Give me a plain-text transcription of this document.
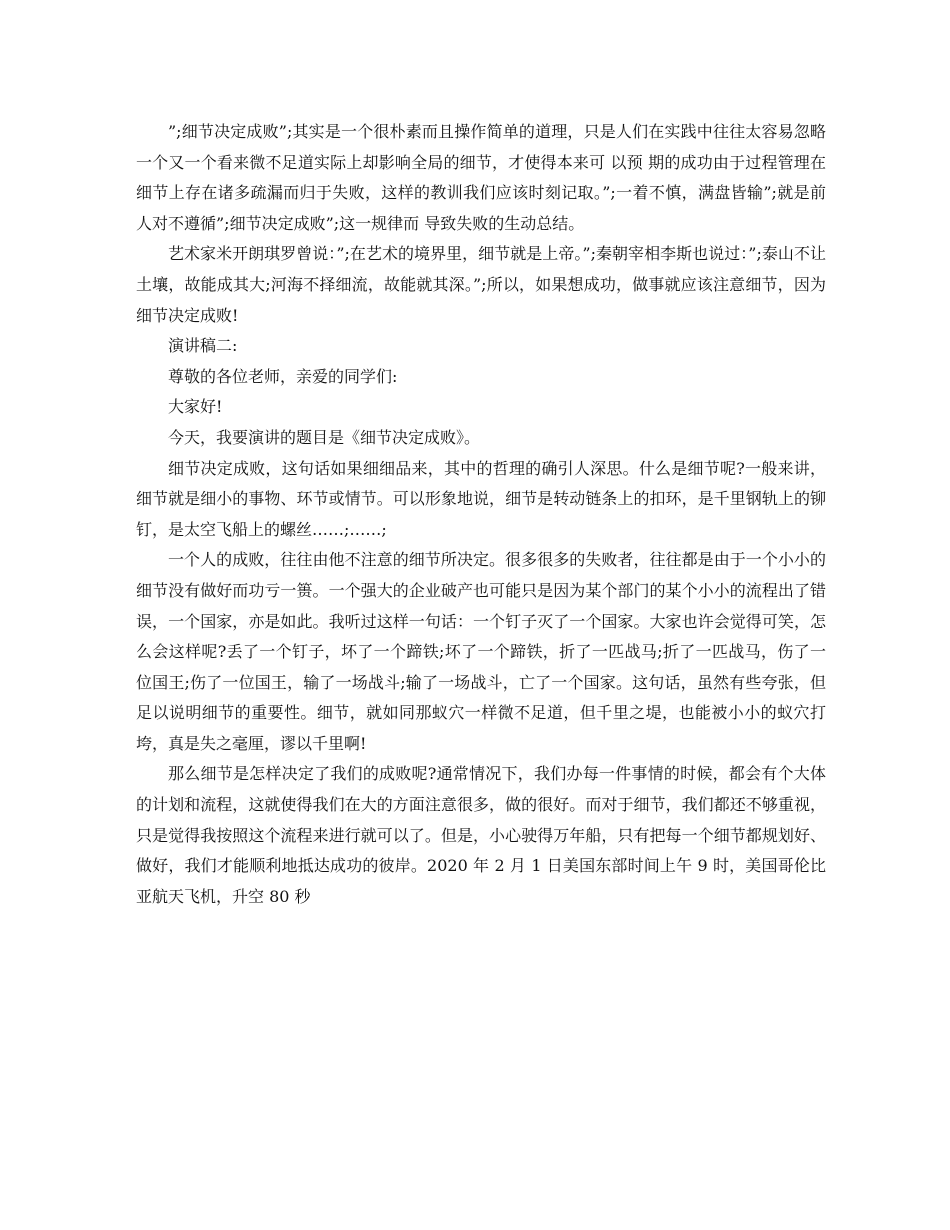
”;细节决定成败”;其实是一个很朴素而且操作简单的道理，只是人们在实践中往往太容易忽略一个又一个看来微不足道实际上却影响全局的细节，才使得本来可 以预 期的成功由于过程管理在细节上存在诸多疏漏而归于失败，这样的教训我们应该时刻记取。”;一着不慎，满盘皆输”;就是前人对不遵循”;细节决定成败”;这一规律而 导致失败的生动总结。

艺术家米开朗琪罗曾说：”;在艺术的境界里，细节就是上帝。”;秦朝宰相李斯也说过：”;泰山不让土壤，故能成其大;河海不择细流，故能就其深。”;所以，如果想成功，做事就应该注意细节，因为细节决定成败!

演讲稿二:

尊敬的各位老师，亲爱的同学们:

大家好!

今天，我要演讲的题目是《细节决定成败》。

细节决定成败，这句话如果细细品来，其中的哲理的确引人深思。什么是细节呢?一般来讲，细节就是细小的事物、环节或情节。可以形象地说，细节是转动链条上的扣环，是千里钢轨上的铆钉，是太空飞船上的螺丝……;……;

一个人的成败，往往由他不注意的细节所决定。很多很多的失败者，往往都是由于一个小小的细节没有做好而功亏一篑。一个强大的企业破产也可能只是因为某个部门的某个小小的流程出了错误，一个国家，亦是如此。我听过这样一句话：一个钉子灭了一个国家。大家也许会觉得可笑，怎么会这样呢?丢了一个钉子，坏了一个蹄铁;坏了一个蹄铁，折了一匹战马;折了一匹战马，伤了一位国王;伤了一位国王，输了一场战斗;输了一场战斗，亡了一个国家。这句话，虽然有些夸张，但足以说明细节的重要性。细节，就如同那蚁穴一样微不足道，但千里之堤，也能被小小的蚁穴打垮，真是失之毫厘，谬以千里啊!

那么细节是怎样决定了我们的成败呢?通常情况下，我们办每一件事情的时候，都会有个大体的计划和流程，这就使得我们在大的方面注意很多，做的很好。而对于细节，我们都还不够重视，只是觉得我按照这个流程来进行就可以了。但是，小心驶得万年船，只有把每一个细节都规划好、做好，我们才能顺利地抵达成功的彼岸。2020 年 2 月 1 日美国东部时间上午 9 时，美国哥伦比亚航天飞机，升空 80 秒
